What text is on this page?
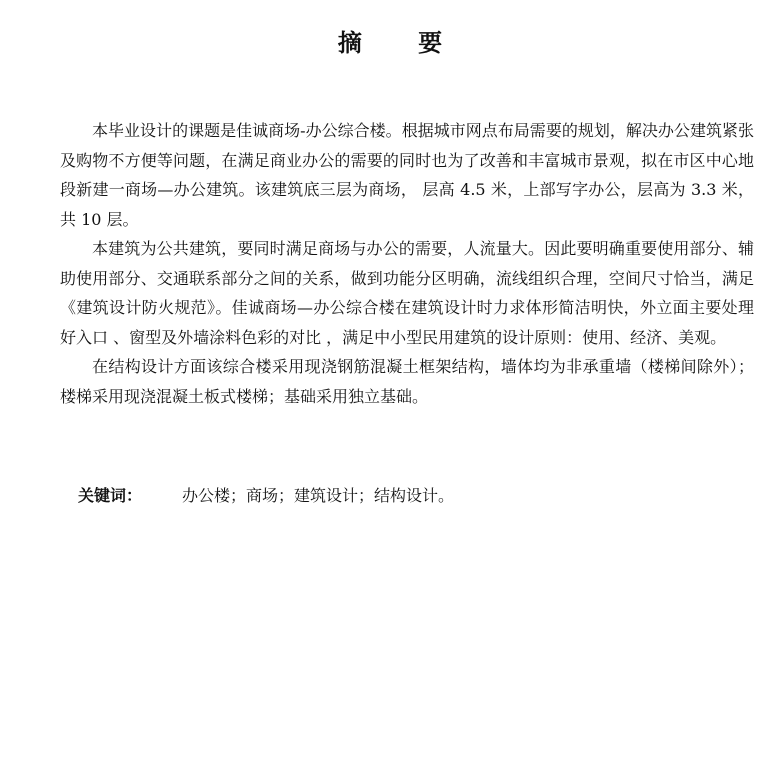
摘 要

本毕业设计的课题是佳诚商场-办公综合楼。根据城市网点布局需要的规划，解决办公建筑紧张及购物不方便等问题，在满足商业办公的需要的同时也为了改善和丰富城市景观，拟在市区中心地段新建一商场—办公建筑。该建筑底三层为商场， 层高 4.5 米，上部写字办公，层高为 3.3 米，共 10 层。

本建筑为公共建筑，要同时满足商场与办公的需要，人流量大。因此要明确重要使用部分、辅助使用部分、交通联系部分之间的关系，做到功能分区明确，流线组织合理，空间尺寸恰当，满足《建筑设计防火规范》。佳诚商场—办公综合楼在建筑设计时力求体形简洁明快，外立面主要处理好入口 、窗型及外墙涂料色彩的对比 ，满足中小型民用建筑的设计原则：使用、经济、美观。

在结构设计方面该综合楼采用现浇钢筋混凝土框架结构，墙体均为非承重墙（楼梯间除外）；楼梯采用现浇混凝土板式楼梯；基础采用独立基础。

关键词： 办公楼；商场；建筑设计；结构设计。
